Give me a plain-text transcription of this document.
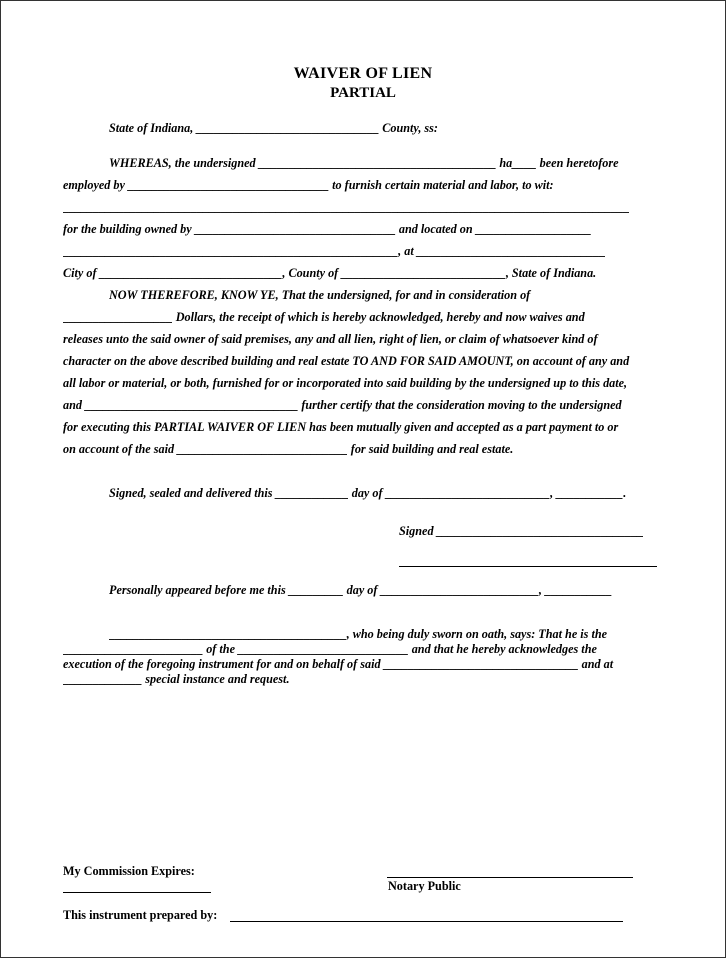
WAIVER OF LIEN
PARTIAL
State of Indiana, ______________________________ County, ss:
WHEREAS, the undersigned _______________________________________ ha____ been heretofore
employed by _________________________________ to furnish certain material and labor, to wit:
_____________________________________________________________________________________________
for the building owned by _________________________________ and located on ___________________
_______________________________________________________, at _______________________________
City of ______________________________, County of ___________________________, State of Indiana.
NOW THEREFORE, KNOW YE, That the undersigned, for and in consideration of
__________________ Dollars, the receipt of which is hereby acknowledged, hereby and now waives and
releases unto the said owner of said premises, any and all lien, right of lien, or claim of whatsoever kind of
character on the above described building and real estate TO AND FOR SAID AMOUNT, on account of any and
all labor or material, or both, furnished for or incorporated into said building by the undersigned up to this date,
and ___________________________________ further certify that the consideration moving to the undersigned
for executing this PARTIAL WAIVER OF LIEN has been mutually given and accepted as a part payment to or
on account of the said ____________________________ for said building and real estate.
Signed, sealed and delivered this ____________ day of ___________________________, ___________.
Signed __________________________________
Personally appeared before me this _________ day of __________________________, ___________
_______________________________________, who being duly sworn on oath, says: That he is the
_______________________ of the ____________________________ and that he hereby acknowledges the
execution of the foregoing instrument for and on behalf of said ________________________________ and at
_____________ special instance and request.
My Commission Expires:
Notary Public
This instrument prepared by:
